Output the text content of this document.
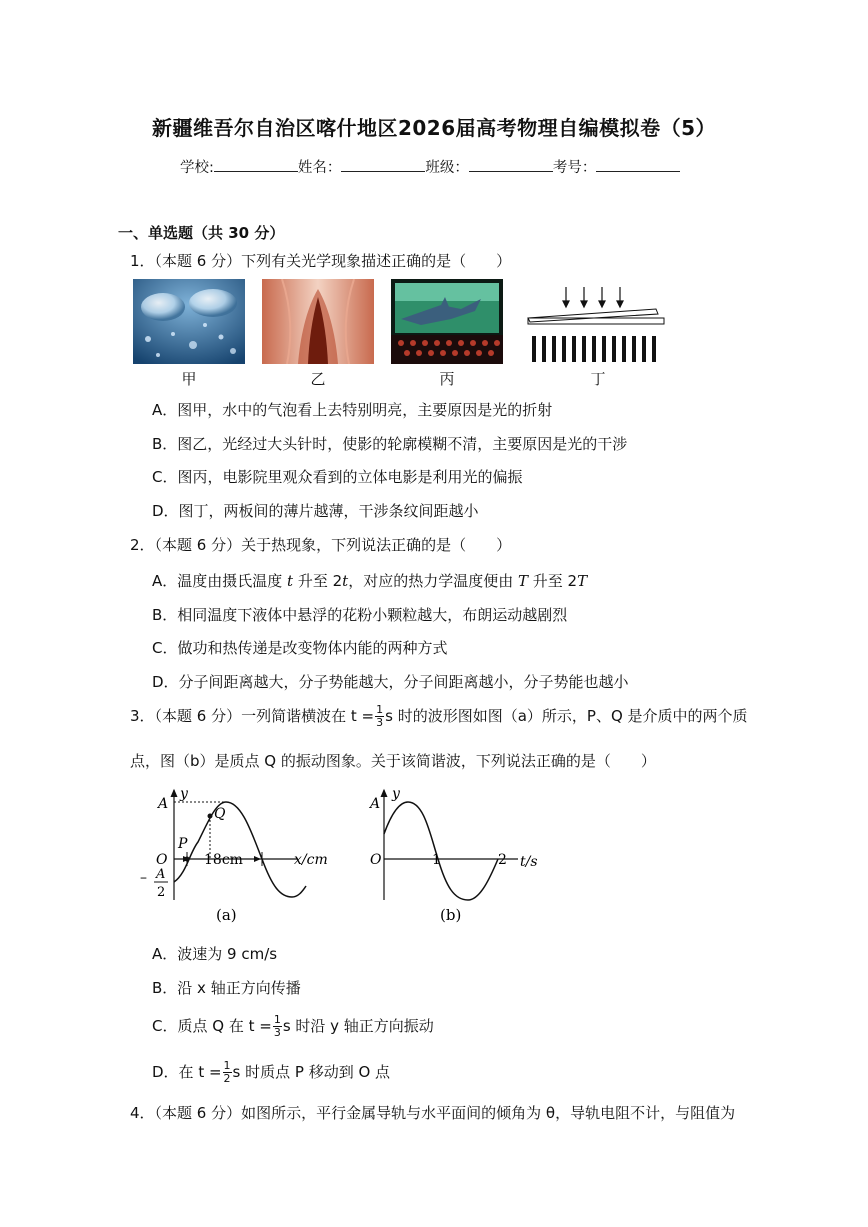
新疆维吾尔自治区喀什地区2026届高考物理自编模拟卷（5）
学校:	姓名：	班级：	考号：
一、单选题（共 30 分）
1．（本题 6 分）下列有关光学现象描述正确的是（　　）
甲	乙	丙	丁
A．图甲，水中的气泡看上去特别明亮，主要原因是光的折射
B．图乙，光经过大头针时，使影的轮廓模糊不清，主要原因是光的干涉
C．图丙，电影院里观众看到的立体电影是利用光的偏振
D．图丁，两板间的薄片越薄，干涉条纹间距越小
2．（本题 6 分）关于热现象，下列说法正确的是（　　）
A．温度由摄氏温度 t 升至 2t，对应的热力学温度便由 T 升至 2T
B．相同温度下液体中悬浮的花粉小颗粒越大，布朗运动越剧烈
C．做功和热传递是改变物体内能的两种方式
D．分子间距离越大，分子势能越大，分子间距离越小，分子势能也越小
3．（本题 6 分）一列简谐横波在 $t = \frac{1}{3}$ s 时的波形图如图（a）所示，P、Q 是介质中的两个质
点，图（b）是质点 Q 的振动图象。关于该简谐波，下列说法正确的是（　　）
y
A
Q
P
O	18cm	x/cm
– A
2
(a)
y
A
O	1	2 t/s
(b)
A．波速为 9 cm/s
B．沿 x 轴正方向传播
C．质点 Q 在 $t = \frac{1}{3}$ s 时沿 y 轴正方向振动
D．在 $t = \frac{1}{2}$ s 时质点 P 移动到 O 点
4．（本题 6 分）如图所示，平行金属导轨与水平面间的倾角为 θ，导轨电阻不计，与阻值为
